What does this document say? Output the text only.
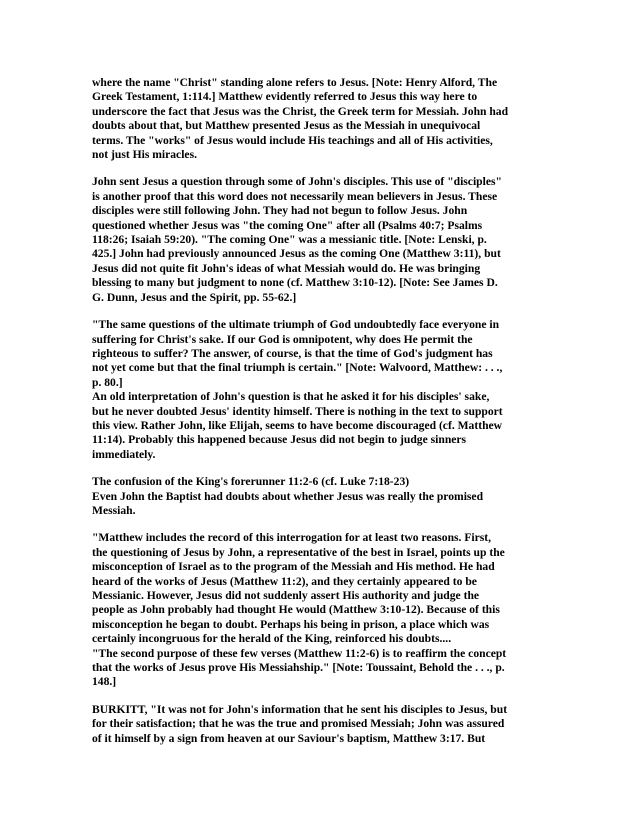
where the name "Christ" standing alone refers to Jesus. [Note: Henry Alford, The
Greek Testament, 1:114.] Matthew evidently referred to Jesus this way here to
underscore the fact that Jesus was the Christ, the Greek term for Messiah. John had
doubts about that, but Matthew presented Jesus as the Messiah in unequivocal
terms. The "works" of Jesus would include His teachings and all of His activities,
not just His miracles.
John sent Jesus a question through some of John's disciples. This use of "disciples"
is another proof that this word does not necessarily mean believers in Jesus. These
disciples were still following John. They had not begun to follow Jesus. John
questioned whether Jesus was "the coming One" after all (Psalms 40:7; Psalms
118:26; Isaiah 59:20). "The coming One" was a messianic title. [Note: Lenski, p.
425.] John had previously announced Jesus as the coming One (Matthew 3:11), but
Jesus did not quite fit John's ideas of what Messiah would do. He was bringing
blessing to many but judgment to none (cf. Matthew 3:10-12). [Note: See James D.
G. Dunn, Jesus and the Spirit, pp. 55-62.]
"The same questions of the ultimate triumph of God undoubtedly face everyone in
suffering for Christ's sake. If our God is omnipotent, why does He permit the
righteous to suffer? The answer, of course, is that the time of God's judgment has
not yet come but that the final triumph is certain." [Note: Walvoord, Matthew: . . .,
p. 80.]
An old interpretation of John's question is that he asked it for his disciples' sake,
but he never doubted Jesus' identity himself. There is nothing in the text to support
this view. Rather John, like Elijah, seems to have become discouraged (cf. Matthew
11:14). Probably this happened because Jesus did not begin to judge sinners
immediately.
The confusion of the King's forerunner 11:2-6 (cf. Luke 7:18-23)
Even John the Baptist had doubts about whether Jesus was really the promised
Messiah.
"Matthew includes the record of this interrogation for at least two reasons. First,
the questioning of Jesus by John, a representative of the best in Israel, points up the
misconception of Israel as to the program of the Messiah and His method. He had
heard of the works of Jesus (Matthew 11:2), and they certainly appeared to be
Messianic. However, Jesus did not suddenly assert His authority and judge the
people as John probably had thought He would (Matthew 3:10-12). Because of this
misconception he began to doubt. Perhaps his being in prison, a place which was
certainly incongruous for the herald of the King, reinforced his doubts....
"The second purpose of these few verses (Matthew 11:2-6) is to reaffirm the concept
that the works of Jesus prove His Messiahship." [Note: Toussaint, Behold the . . ., p.
148.]
BURKITT, "It was not for John's information that he sent his disciples to Jesus, but
for their satisfaction; that he was the true and promised Messiah; John was assured
of it himself by a sign from heaven at our Saviour's baptism, Matthew 3:17. But
